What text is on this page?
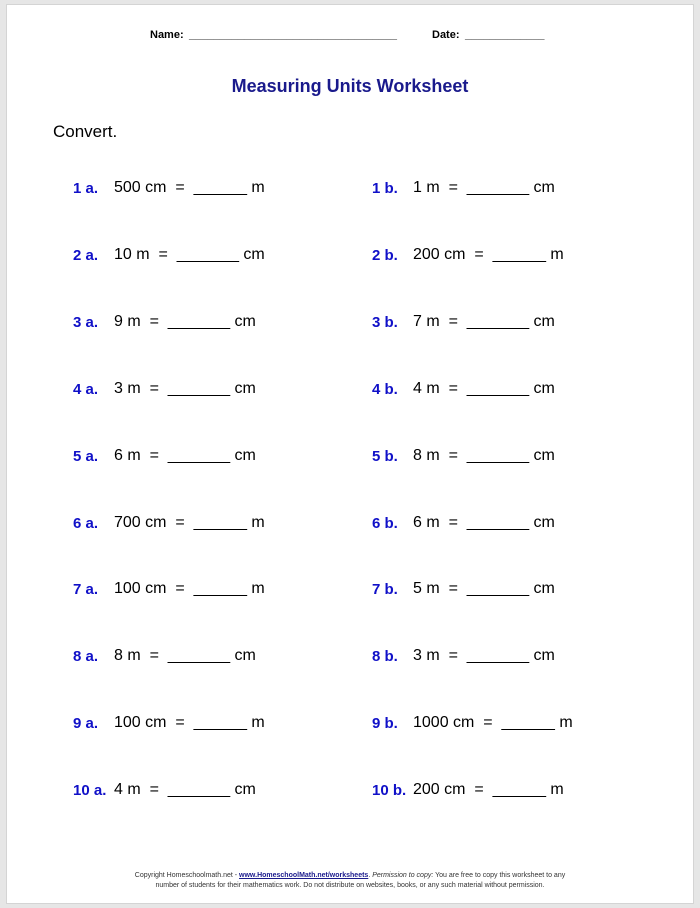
Name: __________________________________	Date: _____________
Measuring Units Worksheet
Convert.
1 a. 500 cm  =  ______ m	1 b. 1 m  =  _______ cm
2 a. 10 m  =  _______ cm	2 b. 200 cm  =  ______ m
3 a. 9 m  =  _______ cm	3 b. 7 m  =  _______ cm
4 a. 3 m  =  _______ cm	4 b. 4 m  =  _______ cm
5 a. 6 m  =  _______ cm	5 b. 8 m  =  _______ cm
6 a. 700 cm  =  ______ m	6 b. 6 m  =  _______ cm
7 a. 100 cm  =  ______ m	7 b. 5 m  =  _______ cm
8 a. 8 m  =  _______ cm	8 b. 3 m  =  _______ cm
9 a. 100 cm  =  ______ m	9 b. 1000 cm  =  ______ m
10 a. 4 m  =  _______ cm	10 b. 200 cm  =  ______ m
Copyright Homeschoolmath.net - www.HomeschoolMath.net/worksheets. Permission to copy: You are free to copy this worksheet to any
number of students for their mathematics work. Do not distribute on websites, books, or any such material without permission.
